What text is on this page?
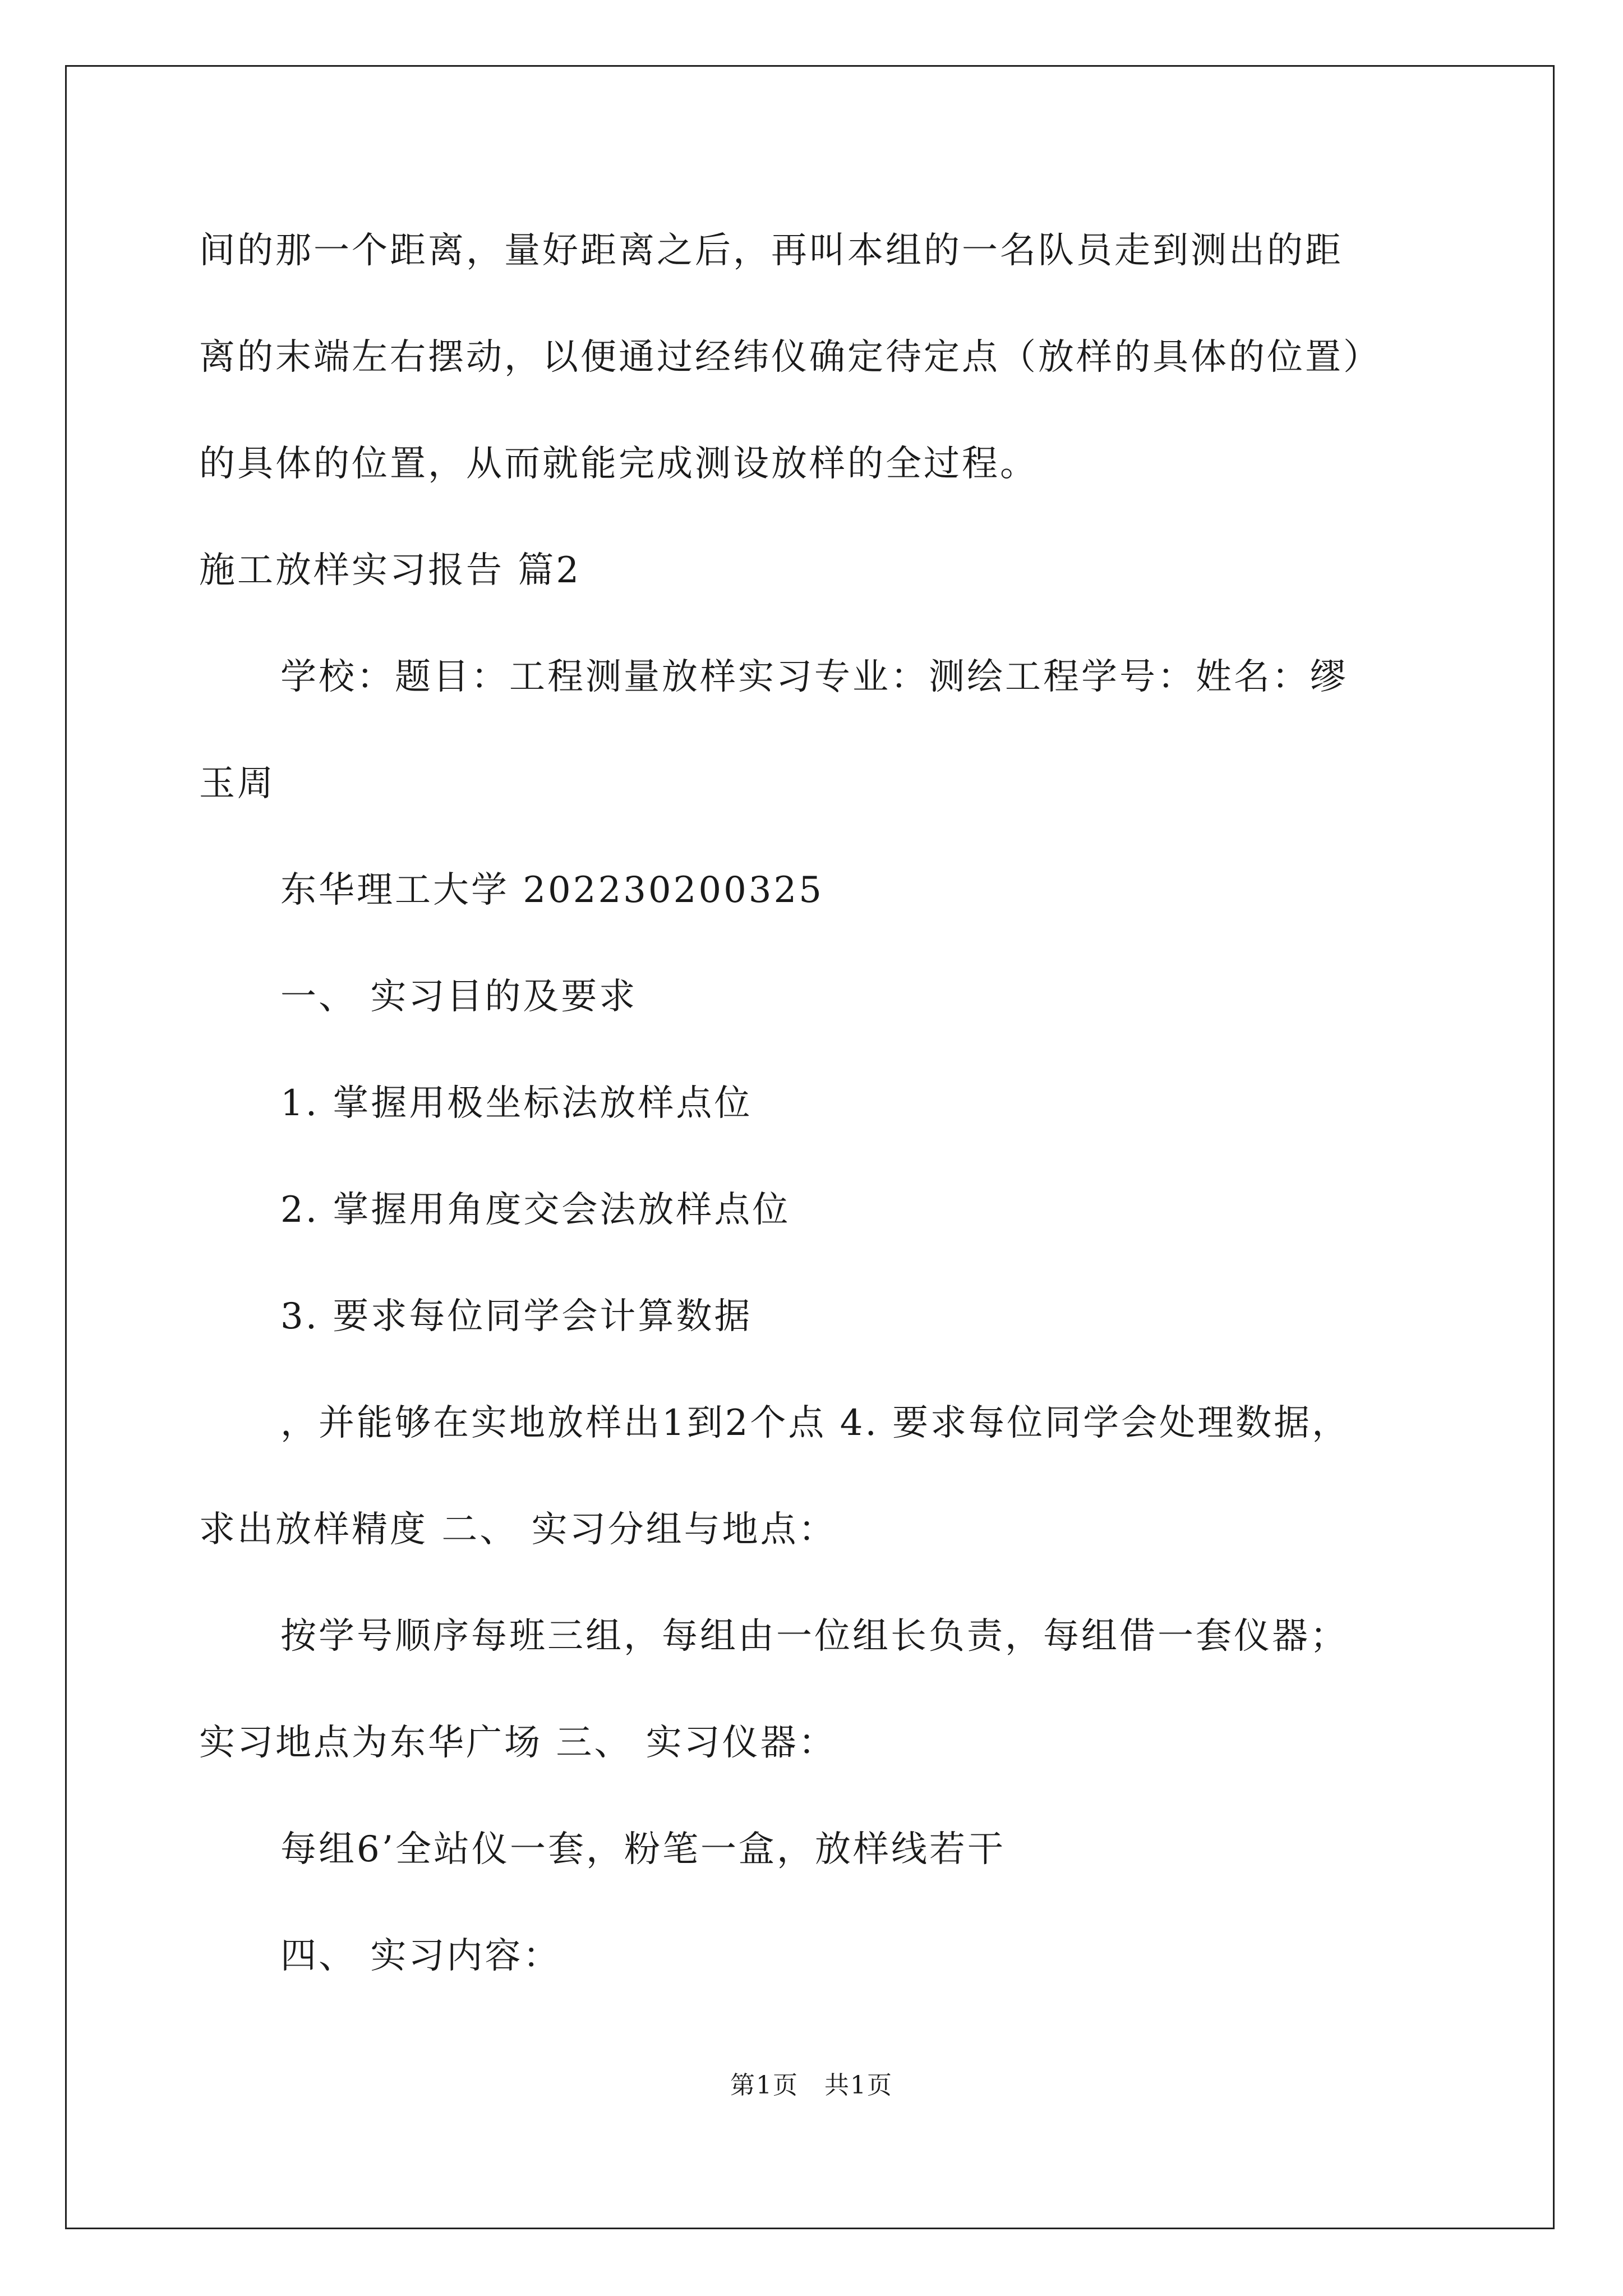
间的那一个距离，量好距离之后，再叫本组的一名队员走到测出的距
离的末端左右摆动，以便通过经纬仪确定待定点（放样的具体的位置）
的具体的位置，从而就能完成测设放样的全过程。
施工放样实习报告 篇2
学校：题目：工程测量放样实习专业：测绘工程学号：姓名：缪
玉周
东华理工大学 202230200325
一、 实习目的及要求
1. 掌握用极坐标法放样点位
2. 掌握用角度交会法放样点位
3. 要求每位同学会计算数据
，并能够在实地放样出1到2个点 4. 要求每位同学会处理数据，
求出放样精度 二、 实习分组与地点：
按学号顺序每班三组，每组由一位组长负责，每组借一套仪器；
实习地点为东华广场 三、 实习仪器：
每组6’全站仪一套，粉笔一盒，放样线若干
四、 实习内容：
第1页　共1页
